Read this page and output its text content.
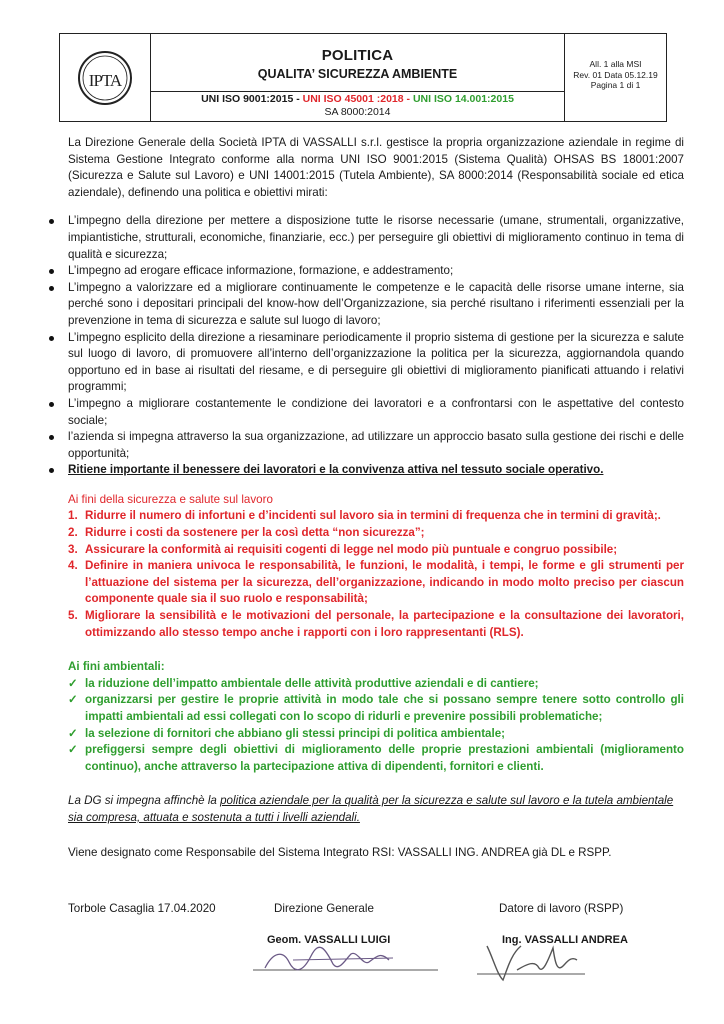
IPTA
POLITICA
QUALITA’ SICUREZZA AMBIENTE
UNI ISO 9001:2015 - UNI ISO 45001 :2018 - UNI ISO 14.001:2015
SA 8000:2014
All. 1 alla MSI
Rev. 01 Data 05.12.19
Pagina 1 di 1

La Direzione Generale della Società IPTA di VASSALLI s.r.l. gestisce la propria organizzazione aziendale in regime di Sistema Gestione Integrato conforme alla norma UNI ISO 9001:2015 (Sistema Qualità) OHSAS BS 18001:2007 (Sicurezza e Salute sul Lavoro) e UNI 14001:2015 (Tutela Ambiente), SA 8000:2014 (Responsabilità sociale ed etica aziendale), definendo una politica e obiettivi mirati:

L’impegno della direzione per mettere a disposizione tutte le risorse necessarie (umane, strumentali, organizzative, impiantistiche, strutturali, economiche, finanziarie, ecc.) per perseguire gli obiettivi di miglioramento continuo in tema di qualità e sicurezza;
L’impegno ad erogare efficace informazione, formazione, e addestramento;
L’impegno a valorizzare ed a migliorare continuamente le competenze e le capacità delle risorse umane interne, sia perché sono i depositari principali del know-how dell’Organizzazione, sia perché risultano i riferimenti essenziali per la prevenzione in tema di sicurezza e salute sul luogo di lavoro;
L’impegno esplicito della direzione a riesaminare periodicamente il proprio sistema di gestione per la sicurezza e salute sul luogo di lavoro, di promuovere all’interno dell’organizzazione la politica per la sicurezza, aggiornandola quando opportuno ed in base ai risultati del riesame, e di perseguire gli obiettivi di miglioramento pianificati attuando i relativi programmi;
L’impegno a migliorare costantemente le condizione dei lavoratori e a confrontarsi con le aspettative del contesto sociale;
l’azienda si impegna attraverso la sua organizzazione, ad utilizzare un approccio basato sulla gestione dei rischi e delle opportunità;
Ritiene importante il benessere dei lavoratori e la convivenza attiva nel tessuto sociale operativo.
Ai fini della sicurezza e salute sul lavoro
1. Ridurre il numero di infortuni e d’incidenti sul lavoro sia in termini di frequenza che in termini di gravità;.
2. Ridurre i costi da sostenere per la così detta “non sicurezza”;
3. Assicurare la conformità ai requisiti cogenti di legge nel modo più puntuale e congruo possibile;
4. Definire in maniera univoca le responsabilità, le funzioni, le modalità, i tempi, le forme e gli strumenti per l’attuazione del sistema per la sicurezza, dell’organizzazione, indicando in modo molto preciso per ciascun componente quale sia il suo ruolo e responsabilità;
5. Migliorare la sensibilità e le motivazioni del personale, la partecipazione e la consultazione dei lavoratori, ottimizzando allo stesso tempo anche i rapporti con i loro rappresentanti (RLS).
Ai fini ambientali:
✓ la riduzione dell’impatto ambientale delle attività produttive aziendali e di cantiere;
✓ organizzarsi per gestire le proprie attività in modo tale che si possano sempre tenere sotto controllo gli impatti ambientali ad essi collegati con lo scopo di ridurli e prevenire possibili problematiche;
✓ la selezione di fornitori che abbiano gli stessi principi di politica ambientale;
✓ prefiggersi sempre degli obiettivi di miglioramento delle proprie prestazioni ambientali (miglioramento continuo), anche attraverso la partecipazione attiva di dipendenti, fornitori e clienti.
La DG si impegna affinchè la politica aziendale per la qualità per la sicurezza e salute sul lavoro e la tutela ambientale sia compresa, attuata e sostenuta a tutti i livelli aziendali.
Viene designato come Responsabile del Sistema Integrato RSI: VASSALLI ING. ANDREA già DL e RSPP.
Torbole Casaglia 17.04.2020	Direzione Generale	Datore di lavoro (RSPP)
Geom. VASSALLI LUIGI	Ing. VASSALLI ANDREA
